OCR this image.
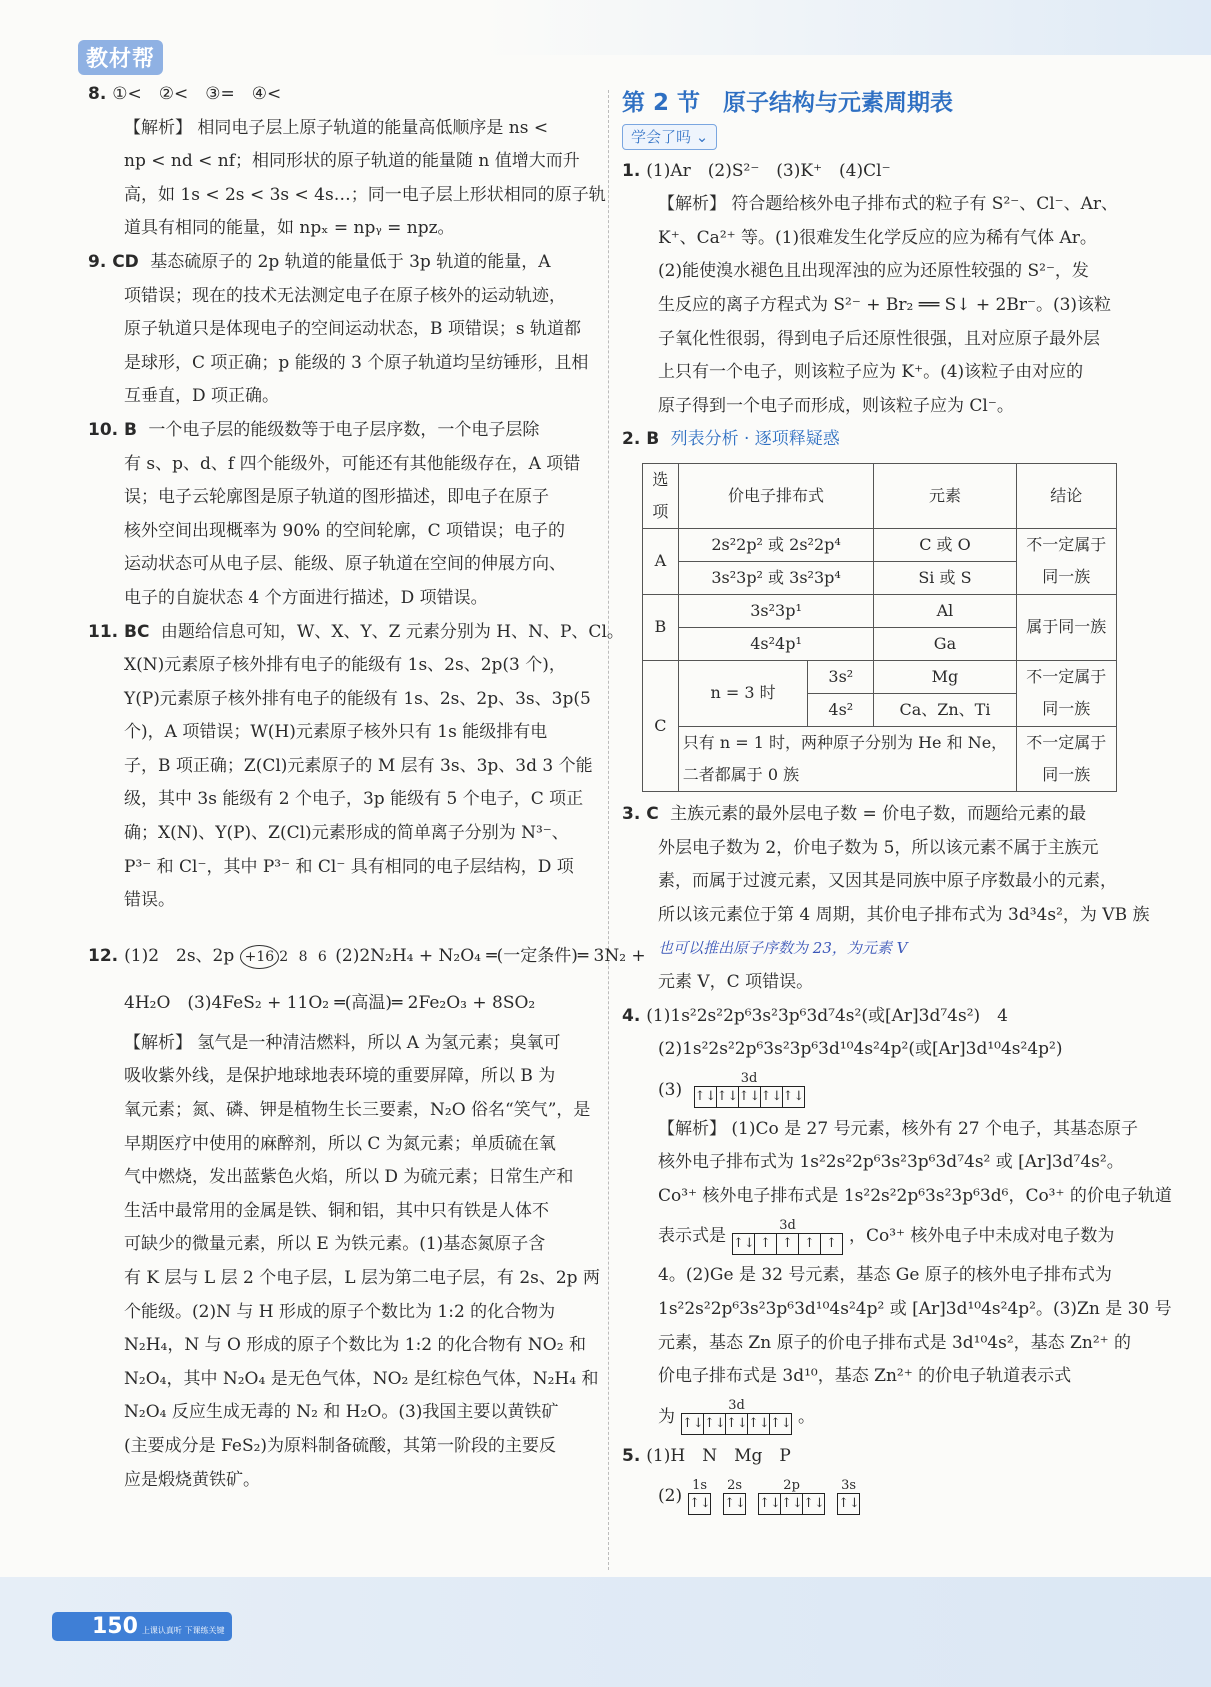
教材帮
8. ①<　②<　③=　④<
【解析】 相同电子层上原子轨道的能量高低顺序是 ns <
np < nd < nf；相同形状的原子轨道的能量随 n 值增大而升
高，如 1s < 2s < 3s < 4s…；同一电子层上形状相同的原子轨
道具有相同的能量，如 npₓ = npᵧ = npz。
9. CD 基态硫原子的 2p 轨道的能量低于 3p 轨道的能量，A
项错误；现在的技术无法测定电子在原子核外的运动轨迹，
原子轨道只是体现电子的空间运动状态，B 项错误；s 轨道都
是球形，C 项正确；p 能级的 3 个原子轨道均呈纺锤形，且相
互垂直，D 项正确。
10. B 一个电子层的能级数等于电子层序数，一个电子层除
有 s、p、d、f 四个能级外，可能还有其他能级存在，A 项错
误；电子云轮廓图是原子轨道的图形描述，即电子在原子
核外空间出现概率为 90% 的空间轮廓，C 项错误；电子的
运动状态可从电子层、能级、原子轨道在空间的伸展方向、
电子的自旋状态 4 个方面进行描述，D 项错误。
11. BC 由题给信息可知，W、X、Y、Z 元素分别为 H、N、P、Cl。
X(N)元素原子核外排有电子的能级有 1s、2s、2p(3 个)，
Y(P)元素原子核外排有电子的能级有 1s、2s、2p、3s、3p(5
个)，A 项错误；W(H)元素原子核外只有 1s 能级排有电
子，B 项正确；Z(Cl)元素原子的 M 层有 3s、3p、3d 3 个能
级，其中 3s 能级有 2 个电子，3p 能级有 5 个电子，C 项正
确；X(N)、Y(P)、Z(Cl)元素形成的简单离子分别为 N³⁻、
P³⁻ 和 Cl⁻，其中 P³⁻ 和 Cl⁻ 具有相同的电子层结构，D 项
错误。
12. (1)2　2s、2p +16 2 8 6 (2)2N₂H₄ + N₂O₄ ═(一定条件)═ 3N₂ +
4H₂O　(3)4FeS₂ + 11O₂ ═(高温)═ 2Fe₂O₃ + 8SO₂
【解析】 氢气是一种清洁燃料，所以 A 为氢元素；臭氧可
吸收紫外线，是保护地球地表环境的重要屏障，所以 B 为
氧元素；氮、磷、钾是植物生长三要素，N₂O 俗名“笑气”，是
早期医疗中使用的麻醉剂，所以 C 为氮元素；单质硫在氧
气中燃烧，发出蓝紫色火焰，所以 D 为硫元素；日常生产和
生活中最常用的金属是铁、铜和铝，其中只有铁是人体不
可缺少的微量元素，所以 E 为铁元素。(1)基态氮原子含
有 K 层与 L 层 2 个电子层，L 层为第二电子层，有 2s、2p 两
个能级。(2)N 与 H 形成的原子个数比为 1:2 的化合物为
N₂H₄，N 与 O 形成的原子个数比为 1:2 的化合物有 NO₂ 和
N₂O₄，其中 N₂O₄ 是无色气体，NO₂ 是红棕色气体，N₂H₄ 和
N₂O₄ 反应生成无毒的 N₂ 和 H₂O。(3)我国主要以黄铁矿
(主要成分是 FeS₂)为原料制备硫酸，其第一阶段的主要反
应是煅烧黄铁矿。
第 2 节　原子结构与元素周期表
学会了吗 ⌄
1. (1)Ar　(2)S²⁻　(3)K⁺　(4)Cl⁻
【解析】 符合题给核外电子排布式的粒子有 S²⁻、Cl⁻、Ar、
K⁺、Ca²⁺ 等。(1)很难发生化学反应的应为稀有气体 Ar。
(2)能使溴水褪色且出现浑浊的应为还原性较强的 S²⁻，发
生反应的离子方程式为 S²⁻ + Br₂ ══ S↓ + 2Br⁻。(3)该粒
子氧化性很弱，得到电子后还原性很强，且对应原子最外层
上只有一个电子，则该粒子应为 K⁺。(4)该粒子由对应的
原子得到一个电子而形成，则该粒子应为 Cl⁻。
2. B 列表分析 · 逐项释疑惑
选项	价电子排布式		元素	结论
A	2s²2p² 或 2s²2p⁴		C 或 O	不一定属于同一族
	3s²3p² 或 3s²3p⁴		Si 或 S	
B	3s²3p¹		Al	属于同一族
	4s²4p¹		Ga	
C	n = 3 时	3s²	Mg	不一定属于同一族
		4s²	Ca、Zn、Ti	
	只有 n = 1 时，两种原子分别为 He 和 Ne，二者都属于 0 族			不一定属于同一族
3. C 主族元素的最外层电子数 = 价电子数，而题给元素的最
外层电子数为 2，价电子数为 5，所以该元素不属于主族元
素，而属于过渡元素，又因其是同族中原子序数最小的元素，
所以该元素位于第 4 周期，其价电子排布式为 3d³4s²，为 VB 族
也可以推出原子序数为 23，为元素 V
元素 V，C 项错误。
4. (1)1s²2s²2p⁶3s²3p⁶3d⁷4s²(或[Ar]3d⁷4s²)　4
(2)1s²2s²2p⁶3s²3p⁶3d¹⁰4s²4p²(或[Ar]3d¹⁰4s²4p²)
(3)
3d
↑↓ ↑↓ ↑↓ ↑↓ ↑↓
【解析】 (1)Co 是 27 号元素，核外有 27 个电子，其基态原子
核外电子排布式为 1s²2s²2p⁶3s²3p⁶3d⁷4s² 或 [Ar]3d⁷4s²。
Co³⁺ 核外电子排布式是 1s²2s²2p⁶3s²3p⁶3d⁶，Co³⁺ 的价电子轨道
表示式是
3d
↑↓ ↑ ↑ ↑ ↑ ，Co³⁺ 核外电子中未成对电子数为
4。(2)Ge 是 32 号元素，基态 Ge 原子的核外电子排布式为
1s²2s²2p⁶3s²3p⁶3d¹⁰4s²4p² 或 [Ar]3d¹⁰4s²4p²。(3)Zn 是 30 号
元素，基态 Zn 原子的价电子排布式是 3d¹⁰4s²，基态 Zn²⁺ 的
价电子排布式是 3d¹⁰，基态 Zn²⁺ 的价电子轨道表示式
为
3d
↑↓ ↑↓ ↑↓ ↑↓ ↑↓ 。
5. (1)H　N　Mg　P
(2)
1s
↑↓
2s
↑↓
2p
↑↓ ↑↓ ↑↓
3s
↑↓
150 上课认真听 下课练关键
